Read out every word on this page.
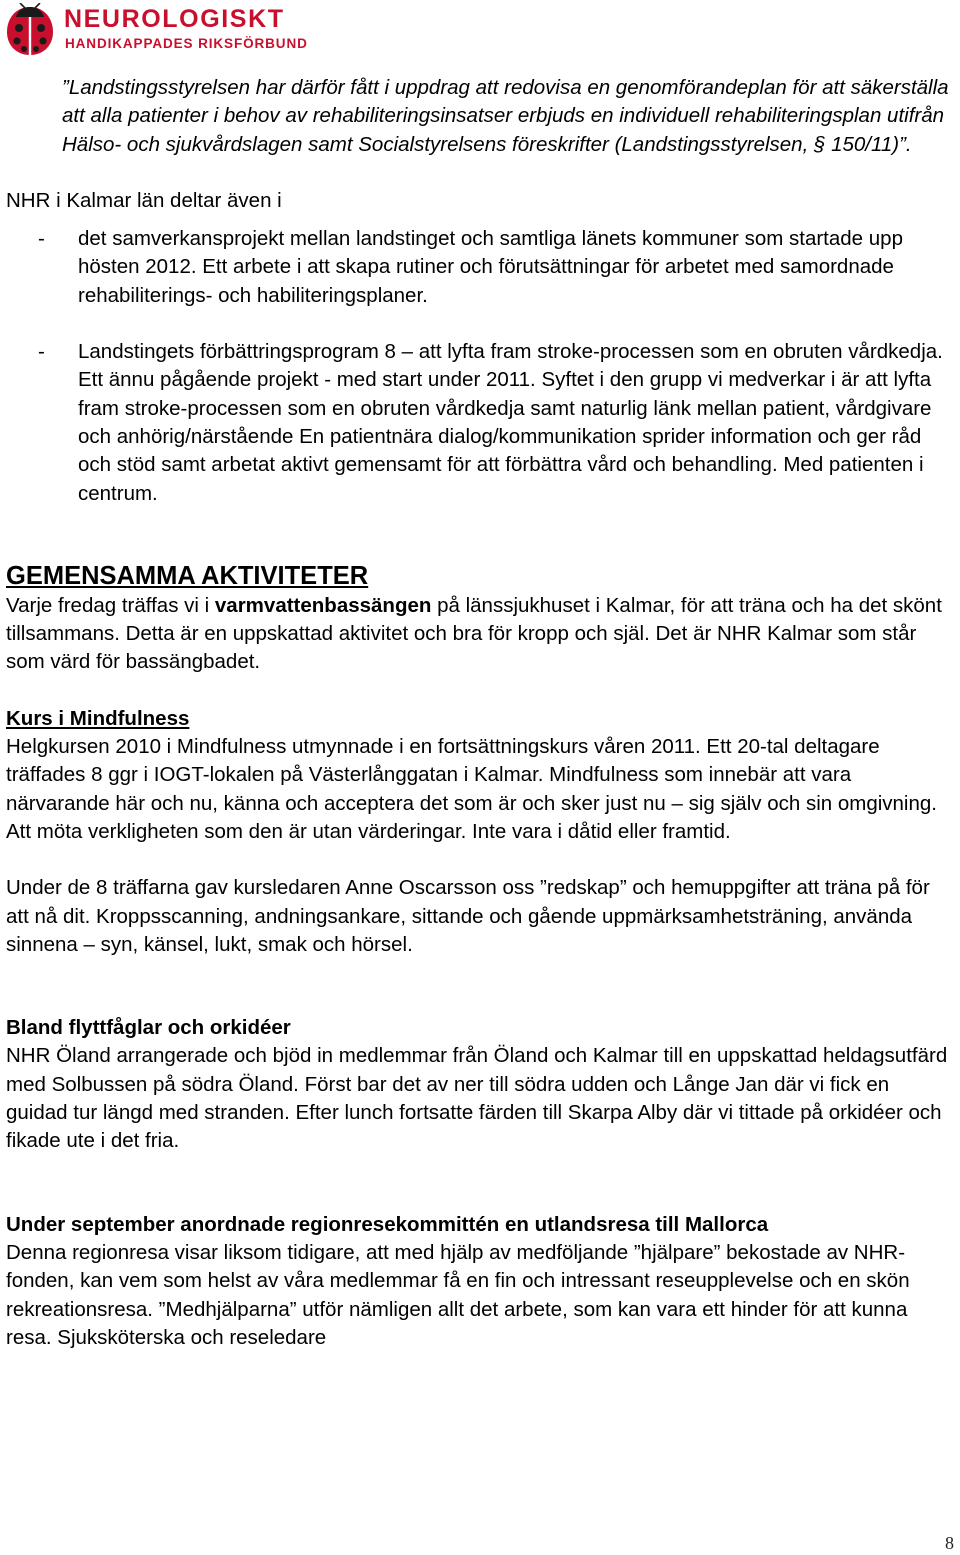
NEUROLOGISKT
HANDIKAPPADES RIKSFÖRBUND

”Landstingsstyrelsen har därför fått i uppdrag att redovisa en genomförandeplan för att säkerställa att alla patienter i behov av rehabiliteringsinsatser erbjuds en individuell rehabiliteringsplan utifrån Hälso- och sjukvårdslagen samt Socialstyrelsens föreskrifter (Landstingsstyrelsen, § 150/11)”.

NHR i Kalmar län deltar även i

- det samverkansprojekt mellan landstinget och samtliga länets kommuner som startade upp hösten 2012. Ett arbete i att skapa rutiner och förutsättningar för arbetet med samordnade rehabiliterings- och habiliteringsplaner.
- Landstingets förbättringsprogram 8 – att lyfta fram stroke-processen som en obruten vårdkedja. Ett ännu pågående projekt - med start under 2011. Syftet i den grupp vi medverkar i är att lyfta fram stroke-processen som en obruten vårdkedja samt naturlig länk mellan patient, vårdgivare och anhörig/närstående En patientnära dialog/kommunikation sprider information och ger råd och stöd samt arbetat aktivt gemensamt för att förbättra vård och behandling. Med patienten i centrum.
GEMENSAMMA AKTIVITETER

Varje fredag träffas vi i varmvattenbassängen på länssjukhuset i Kalmar, för att träna och ha det skönt tillsammans. Detta är en uppskattad aktivitet och bra för kropp och själ. Det är NHR Kalmar som står som värd för bassängbadet.

Kurs i Mindfulness

Helgkursen 2010 i Mindfulness utmynnade i en fortsättningskurs våren 2011. Ett 20-tal deltagare träffades 8 ggr i IOGT-lokalen på Västerlånggatan i Kalmar. Mindfulness som innebär att vara närvarande här och nu, känna och acceptera det som är och sker just nu – sig själv och sin omgivning. Att möta verkligheten som den är utan värderingar. Inte vara i dåtid eller framtid.

Under de 8 träffarna gav kursledaren Anne Oscarsson oss ”redskap” och hemuppgifter att träna på för att nå dit. Kroppsscanning, andningsankare, sittande och gående uppmärksamhetsträning, använda sinnena – syn, känsel, lukt, smak och hörsel.

Bland flyttfåglar och orkidéer

NHR Öland arrangerade och bjöd in medlemmar från Öland och Kalmar till en uppskattad heldagsutfärd med Solbussen på södra Öland. Först bar det av ner till södra udden och Långe Jan där vi fick en guidad tur längd med stranden. Efter lunch fortsatte färden till Skarpa Alby där vi tittade på orkidéer och fikade ute i det fria.

Under september anordnade regionresekommittén en utlandsresa till Mallorca

Denna regionresa visar liksom tidigare, att med hjälp av medföljande ”hjälpare” bekostade av NHR-fonden, kan vem som helst av våra medlemmar få en fin och intressant reseupplevelse och en skön rekreationsresa. ”Medhjälparna” utför nämligen allt det arbete, som kan vara ett hinder för att kunna resa. Sjuksköterska och reseledare

8
